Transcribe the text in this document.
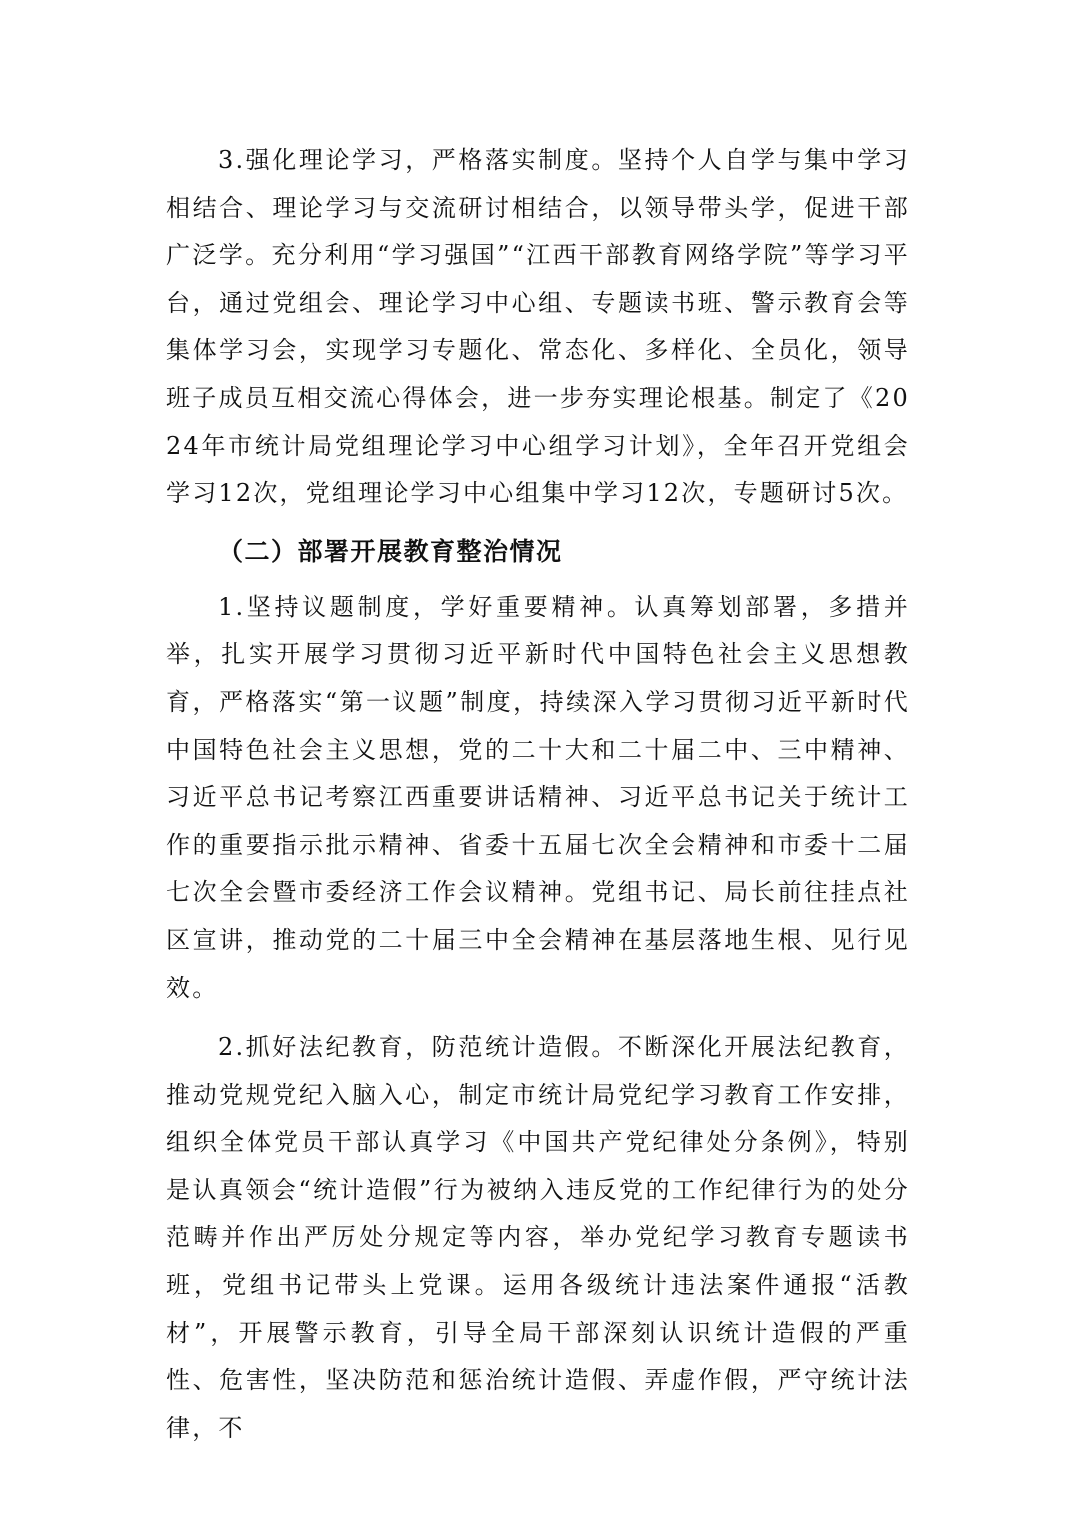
3.强化理论学习，严格落实制度。坚持个人自学与集中学习相结合、理论学习与交流研讨相结合，以领导带头学，促进干部广泛学。充分利用“学习强国”“江西干部教育网络学院”等学习平台，通过党组会、理论学习中心组、专题读书班、警示教育会等集体学习会，实现学习专题化、常态化、多样化、全员化，领导班子成员互相交流心得体会，进一步夯实理论根基。制定了《2024年市统计局党组理论学习中心组学习计划》，全年召开党组会学习12次，党组理论学习中心组集中学习12次，专题研讨5次。

（二）部署开展教育整治情况

1.坚持议题制度，学好重要精神。认真筹划部署，多措并举，扎实开展学习贯彻习近平新时代中国特色社会主义思想教育，严格落实“第一议题”制度，持续深入学习贯彻习近平新时代中国特色社会主义思想，党的二十大和二十届二中、三中精神、习近平总书记考察江西重要讲话精神、习近平总书记关于统计工作的重要指示批示精神、省委十五届七次全会精神和市委十二届七次全会暨市委经济工作会议精神。党组书记、局长前往挂点社区宣讲，推动党的二十届三中全会精神在基层落地生根、见行见效。

2.抓好法纪教育，防范统计造假。不断深化开展法纪教育，推动党规党纪入脑入心，制定市统计局党纪学习教育工作安排，组织全体党员干部认真学习《中国共产党纪律处分条例》，特别是认真领会“统计造假”行为被纳入违反党的工作纪律行为的处分范畴并作出严厉处分规定等内容，举办党纪学习教育专题读书班，党组书记带头上党课。运用各级统计违法案件通报“活教材”，开展警示教育，引导全局干部深刻认识统计造假的严重性、危害性，坚决防范和惩治统计造假、弄虚作假，严守统计法律，不
